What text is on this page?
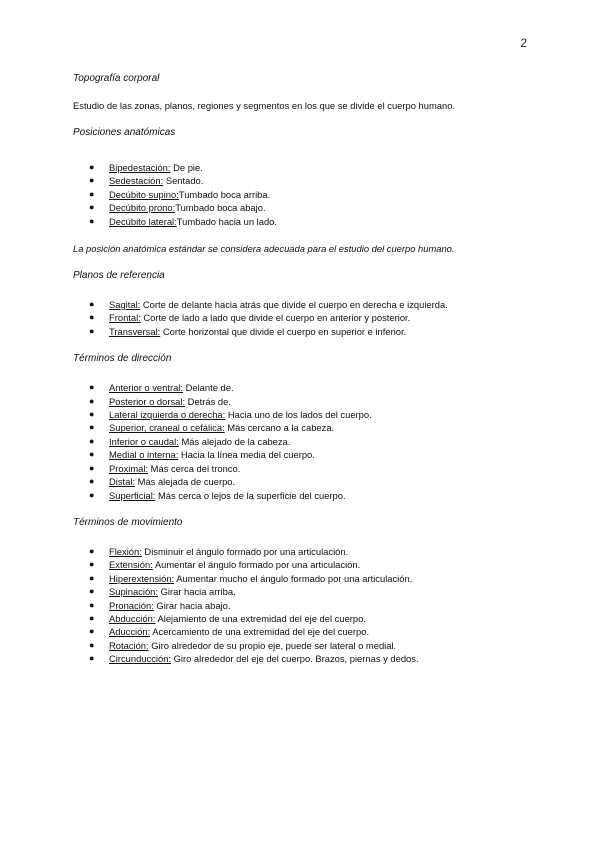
2

Topografía corporal

Estudio de las zonas, planos, regiones y segmentos en los que se divide el cuerpo humano.

Posiciones anatómicas

● Bipedestación: De pie.
● Sedestación: Sentado.
● Decúbito supino:Tumbado boca arriba.
● Decúbito prono:Tumbado boca abajo.
● Decúbito lateral:Tumbado hacia un lado.

La posición anatómica estándar se considera adecuada para el estudio del cuerpo humano.

Planos de referencia

● Sagital: Corte de delante hacia atrás que divide el cuerpo en derecha e izquierda.
● Frontal: Corte de lado a lado que divide el cuerpo en anterior y posterior.
● Transversal: Corte horizontal que divide el cuerpo en superior e inferior.

Términos de dirección

● Anterior o ventral: Delante de.
● Posterior o dorsal: Detrás de.
● Lateral izquierda o derecha: Hacia uno de los lados del cuerpo.
● Superior, craneal o cefálica: Más cercano a la cabeza.
● Inferior o caudal: Más alejado de la cabeza.
● Medial o interna: Hacia la línea media del cuerpo.
● Proximal: Más cerca del tronco.
● Distal: Más alejada de cuerpo.
● Superficial: Más cerca o lejos de la superficie del cuerpo.

Términos de movimiento

● Flexión: Disminuir el ángulo formado por una articulación.
● Extensión: Aumentar el ángulo formado por una articulación.
● Hiperextensión: Aumentar mucho el ángulo formado por una articulación.
● Supinación: Girar hacia arriba.
● Pronación: Girar hacia abajo.
● Abducción: Alejamiento de una extremidad del eje del cuerpo.
● Aducción: Acercamiento de una extremidad del eje del cuerpo.
● Rotación: Giro alrededor de su propio eje, puede ser lateral o medial.
● Circunducción: Giro alrededor del eje del cuerpo. Brazos, piernas y dedos.
